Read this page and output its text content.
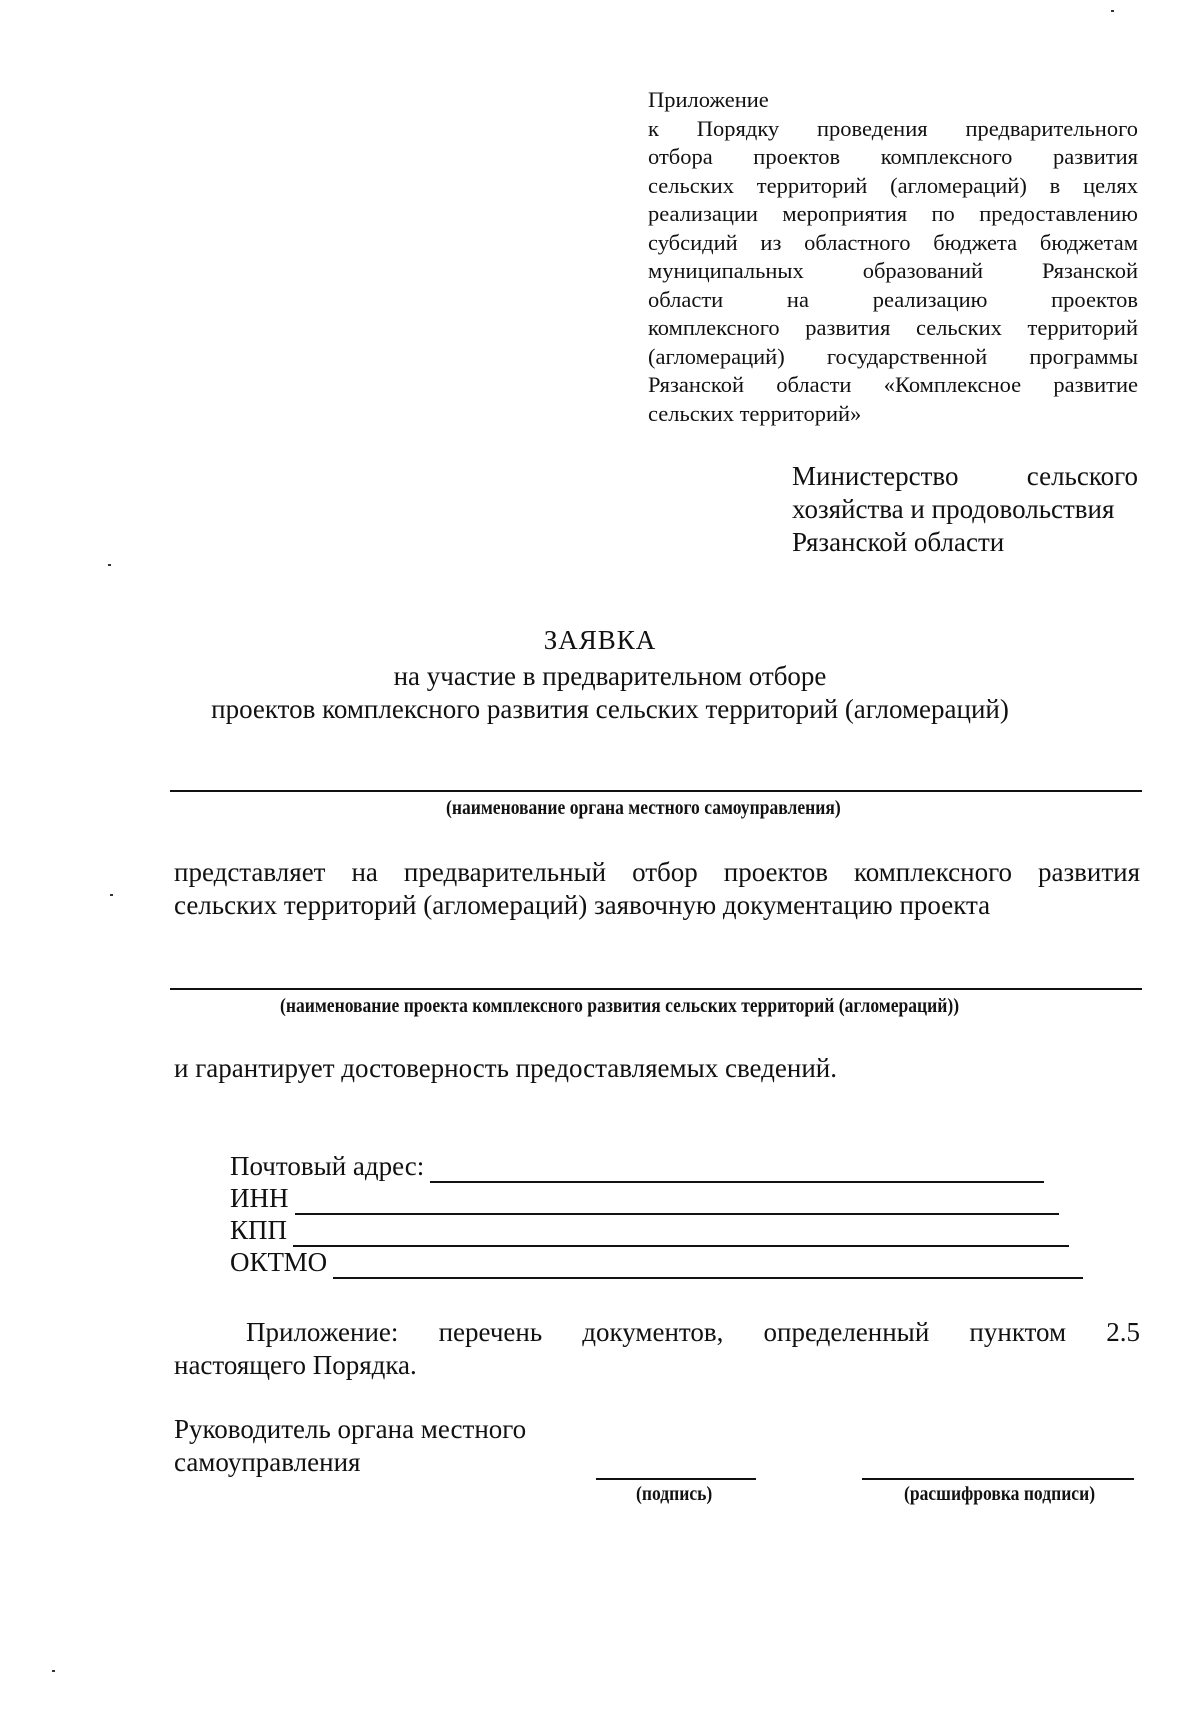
Приложение
к Порядку проведения предварительного
отбора проектов комплексного развития
сельских территорий (агломераций) в целях
реализации мероприятия по предоставлению
субсидий из областного бюджета бюджетам
муниципальных образований Рязанской
области на реализацию проектов
комплексного развития сельских территорий
(агломераций) государственной программы
Рязанской области «Комплексное развитие
сельских территорий»
Министерство сельского
хозяйства и продовольствия
Рязанской области
ЗАЯВКА
на участие в предварительном отборе
проектов комплексного развития сельских территорий (агломераций)
(наименование органа местного самоуправления)
представляет на предварительный отбор проектов комплексного развития
сельских территорий (агломераций) заявочную документацию проекта
(наименование проекта комплексного развития сельских территорий (агломераций))
и гарантирует достоверность предоставляемых сведений.
Почтовый адрес:
ИНН
КПП
ОКТМО
Приложение: перечень документов, определенный пунктом 2.5
настоящего Порядка.
Руководитель органа местного
самоуправления
(подпись)	(расшифровка подписи)
